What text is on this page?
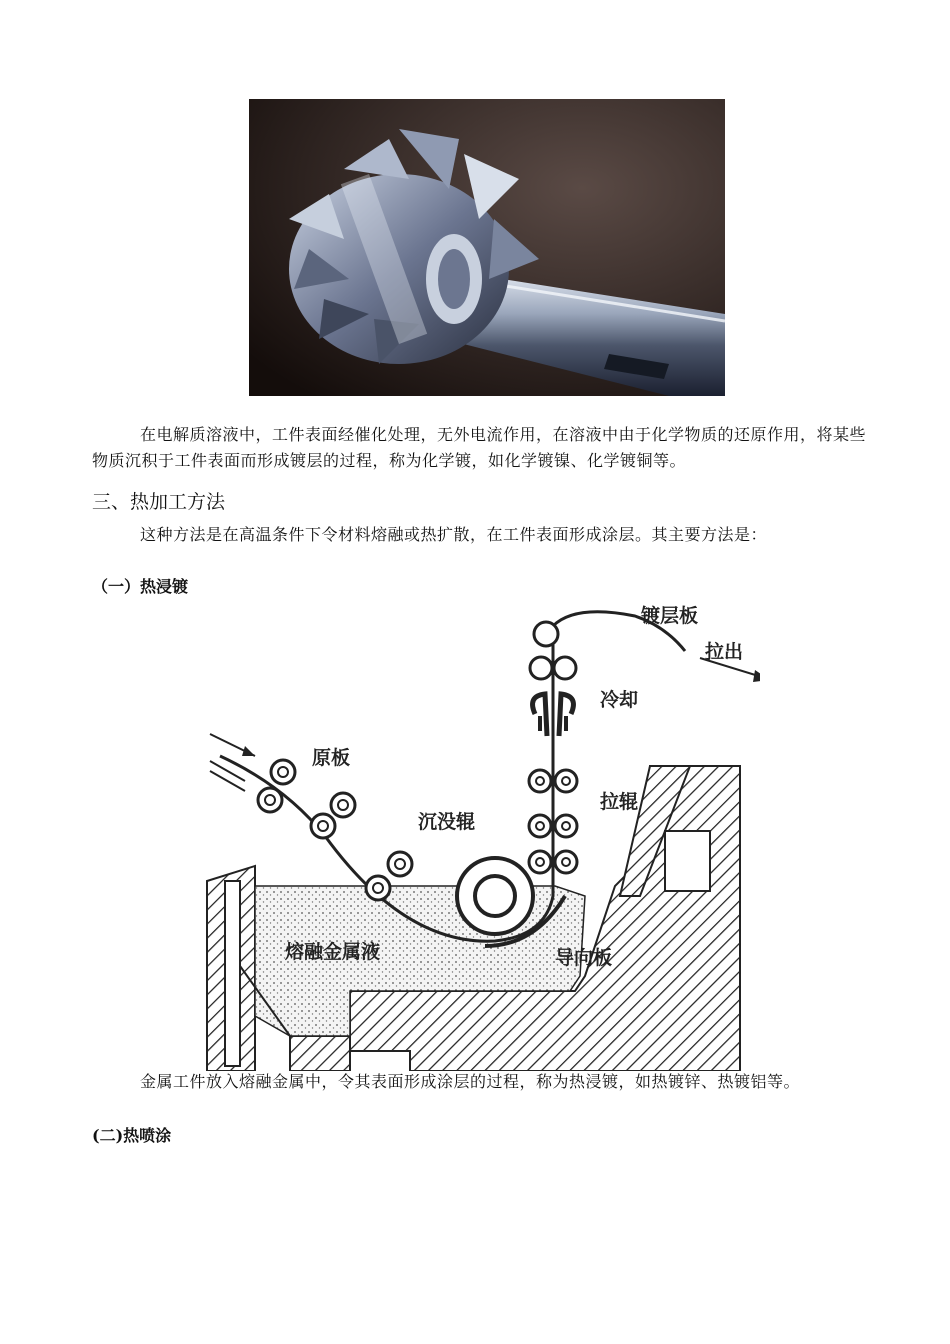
在电解质溶液中，工件表面经催化处理，无外电流作用，在溶液中由于化学物质的还原作用，将某些物质沉积于工件表面而形成镀层的过程，称为化学镀，如化学镀镍、化学镀铜等。

三、热加工方法

这种方法是在高温条件下令材料熔融或热扩散，在工件表面形成涂层。其主要方法是：

（一）热浸镀
镀层板
拉出
冷却
原板
拉辊
沉没辊
熔融金属液	导向板

金属工件放入熔融金属中，令其表面形成涂层的过程，称为热浸镀，如热镀锌、热镀铝等。

(二)热喷涂
